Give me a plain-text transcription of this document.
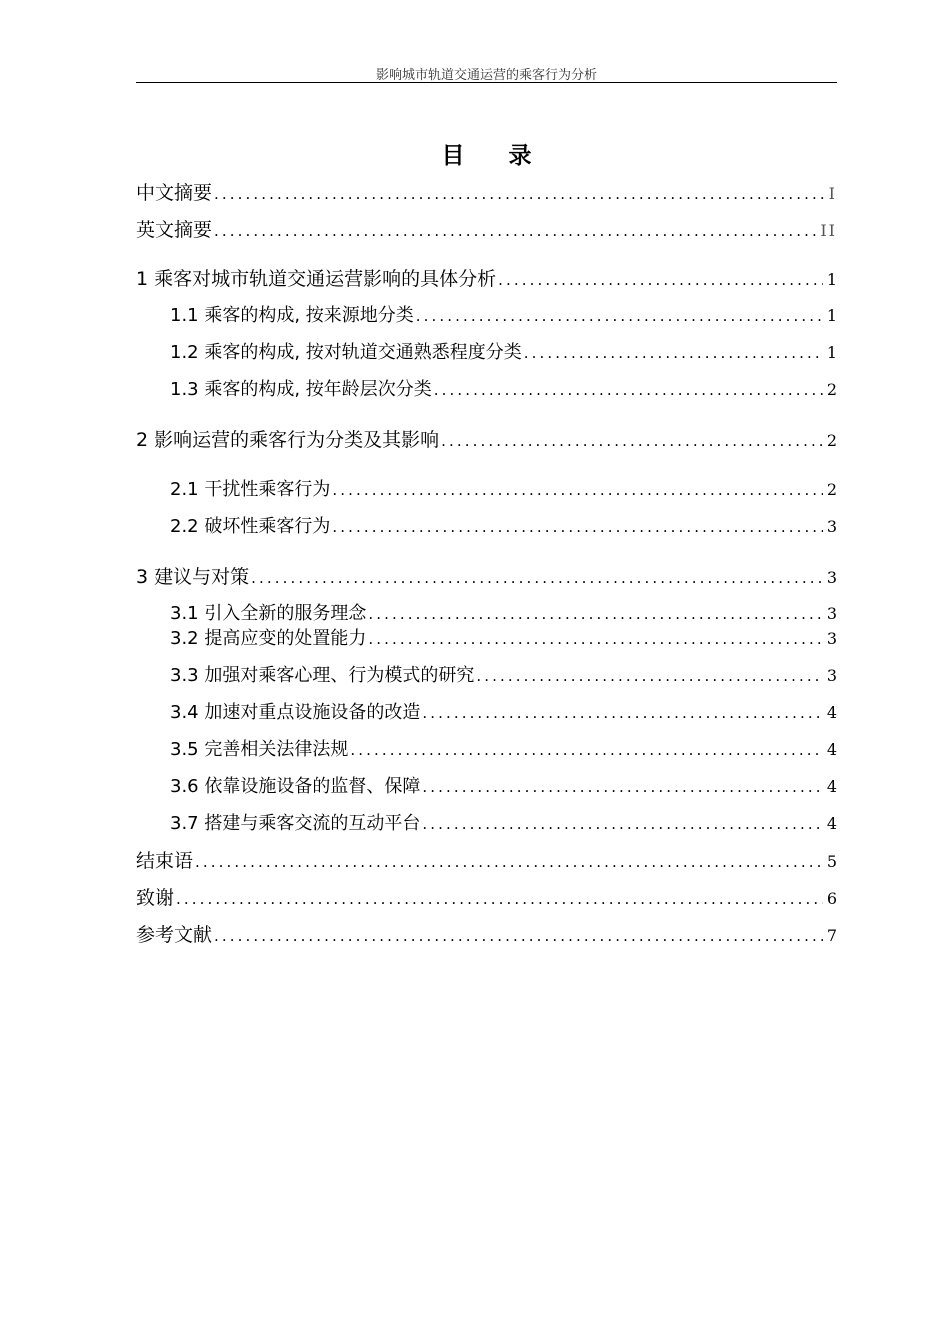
影响城市轨道交通运营的乘客行为分析
目 录
中文摘要 .....	I
英文摘要 .....	II
1 乘客对城市轨道交通运营影响的具体分析 .....	1
1.1 乘客的构成, 按来源地分类 .....	1
1.2 乘客的构成, 按对轨道交通熟悉程度分类 .....	1
1.3 乘客的构成, 按年龄层次分类 .....	2
2 影响运营的乘客行为分类及其影响 .....	2
2.1 干扰性乘客行为 .....	2
2.2 破坏性乘客行为 .....	3
3 建议与对策 .....	3
3.1 引入全新的服务理念 .....	3
3.2 提高应变的处置能力 .....	3
3.3 加强对乘客心理、行为模式的研究 .....	3
3.4 加速对重点设施设备的改造 .....	4
3.5 完善相关法律法规 .....	4
3.6 依靠设施设备的监督、保障 .....	4
3.7 搭建与乘客交流的互动平台 .....	4
结束语 .....	5
致谢 .....	6
参考文献 .....	7
